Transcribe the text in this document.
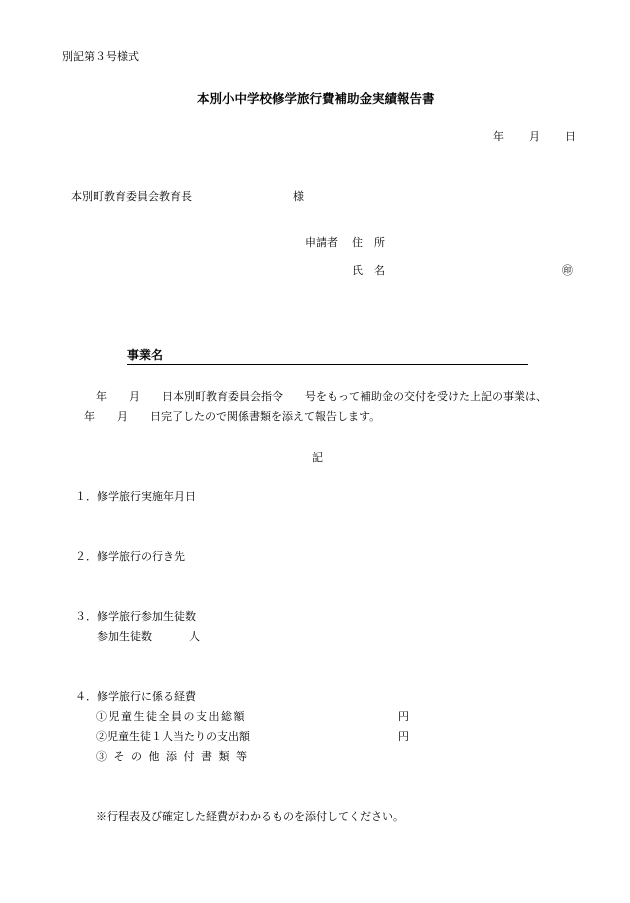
別記第３号様式
本別小中学校修学旅行費補助金実績報告書
年 月 日
本別町教育委員会教育長	様
申請者 住　所
氏　名	㊞
事業名
年　　月　　日本別町教育委員会指令　　号をもって補助金の交付を受けた上記の事業は、
年　　月　　日完了したので関係書類を添えて報告します。
記
１．修学旅行実施年月日
２．修学旅行の行き先
３．修学旅行参加生徒数
参加生徒数	人
４．修学旅行に係る経費
①児童生徒全員の支出総額	円
②児童生徒１人当たりの支出額	円
③その他添付書類等
※行程表及び確定した経費がわかるものを添付してください。
